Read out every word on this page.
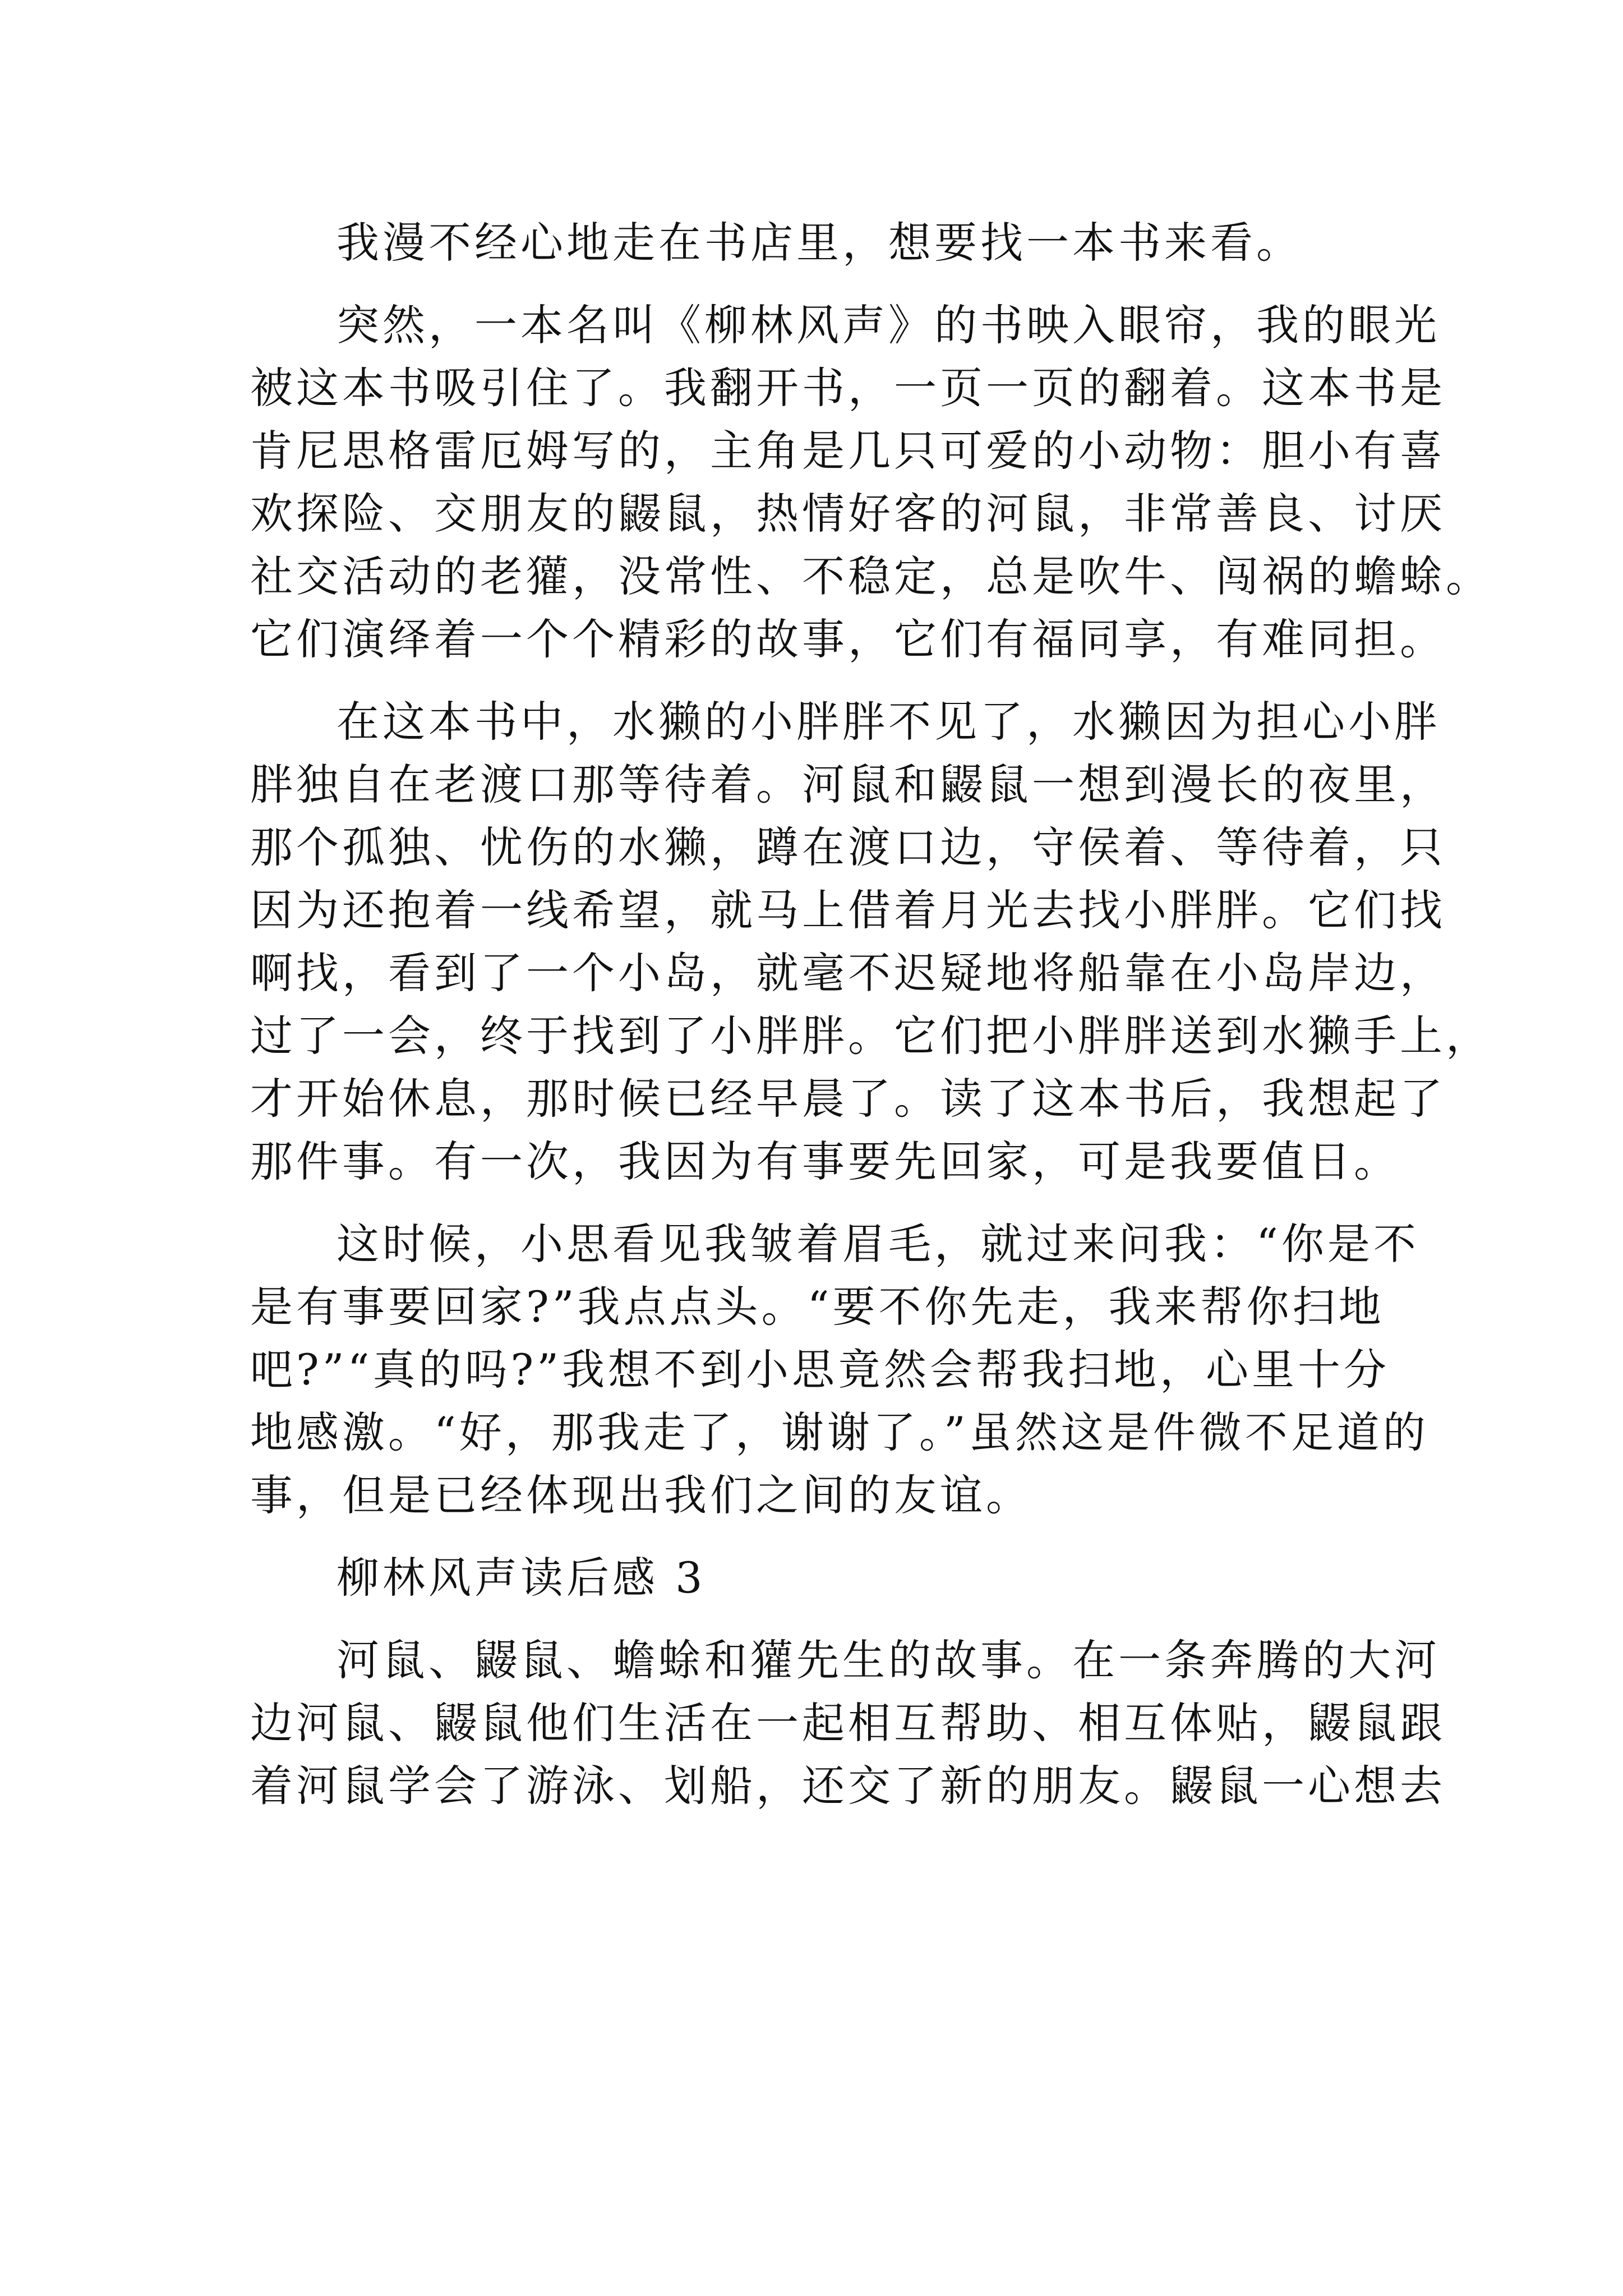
我漫不经心地走在书店里，想要找一本书来看。

突然，一本名叫《柳林风声》的书映入眼帘，我的眼光

被这本书吸引住了。我翻开书，一页一页的翻着。这本书是

肯尼思格雷厄姆写的，主角是几只可爱的小动物：胆小有喜

欢探险、交朋友的鼹鼠，热情好客的河鼠，非常善良、讨厌

社交活动的老獾，没常性、不稳定，总是吹牛、闯祸的蟾蜍。

它们演绎着一个个精彩的故事，它们有福同享，有难同担。

在这本书中，水獭的小胖胖不见了，水獭因为担心小胖

胖独自在老渡口那等待着。河鼠和鼹鼠一想到漫长的夜里，

那个孤独、忧伤的水獭，蹲在渡口边，守侯着、等待着，只

因为还抱着一线希望，就马上借着月光去找小胖胖。它们找

啊找，看到了一个小岛，就毫不迟疑地将船靠在小岛岸边，

过了一会，终于找到了小胖胖。它们把小胖胖送到水獭手上，

才开始休息，那时候已经早晨了。读了这本书后，我想起了

那件事。有一次，我因为有事要先回家，可是我要值日。

这时候，小思看见我皱着眉毛，就过来问我：“你是不

是有事要回家?”我点点头。“要不你先走，我来帮你扫地

吧?”“真的吗?”我想不到小思竟然会帮我扫地，心里十分

地感激。“好，那我走了，谢谢了。”虽然这是件微不足道的

事，但是已经体现出我们之间的友谊。

柳林风声读后感 3

河鼠、鼹鼠、蟾蜍和獾先生的故事。在一条奔腾的大河

边河鼠、鼹鼠他们生活在一起相互帮助、相互体贴，鼹鼠跟

着河鼠学会了游泳、划船，还交了新的朋友。鼹鼠一心想去
